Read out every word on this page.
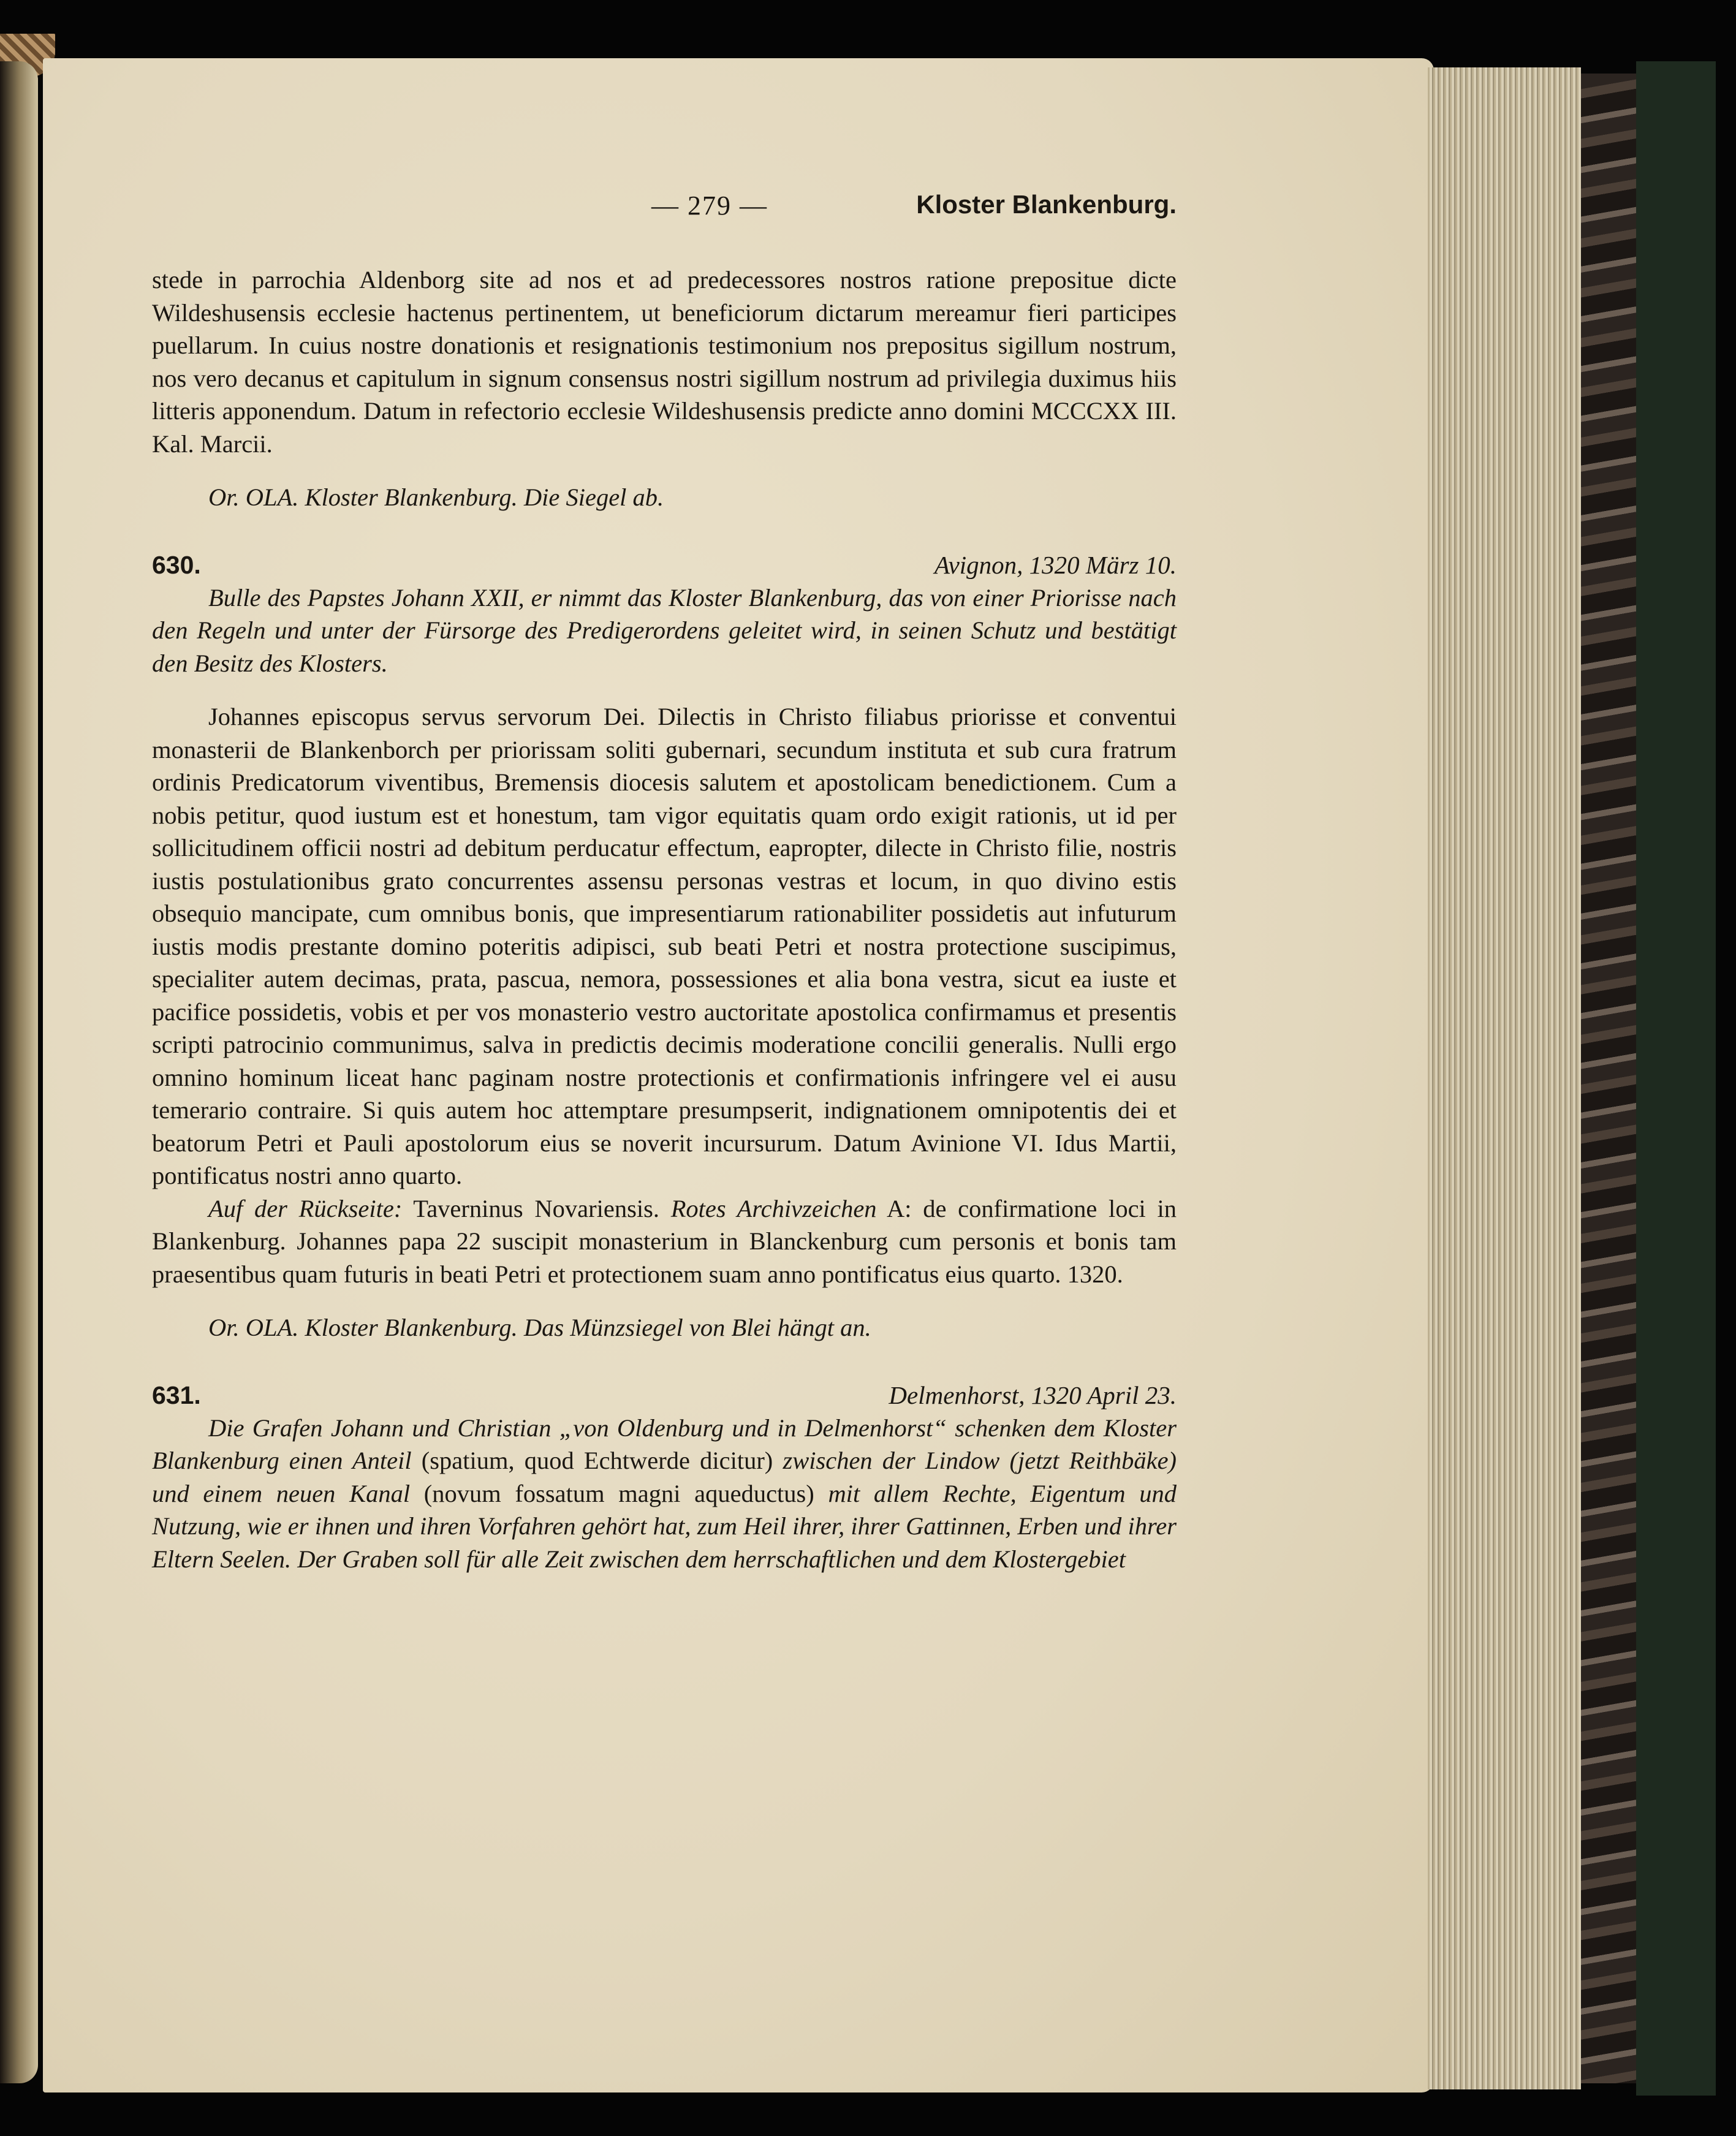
— 279 —	Kloster Blankenburg.

stede in parrochia Aldenborg site ad nos et ad predecessores nostros ratione prepositue dicte Wildeshusensis ecclesie hactenus pertinentem, ut beneficiorum dictarum mereamur fieri participes puellarum. In cuius nostre donationis et resignationis testimonium nos prepositus sigillum nostrum, nos vero decanus et capitulum in signum consensus nostri sigillum nostrum ad privilegia duximus hiis litteris apponendum. Datum in refectorio ecclesie Wildeshusensis predicte anno domini MCCCXX III. Kal. Marcii.

Or. OLA. Kloster Blankenburg. Die Siegel ab.
630.	Avignon, 1320 März 10.

Bulle des Papstes Johann XXII, er nimmt das Kloster Blankenburg, das von einer Priorisse nach den Regeln und unter der Fürsorge des Predigerordens geleitet wird, in seinen Schutz und bestätigt den Besitz des Klosters.

Johannes episcopus servus servorum Dei. Dilectis in Christo filiabus priorisse et conventui monasterii de Blankenborch per priorissam soliti gubernari, secundum instituta et sub cura fratrum ordinis Predicatorum viventibus, Bremensis diocesis salutem et apostolicam benedictionem. Cum a nobis petitur, quod iustum est et honestum, tam vigor equitatis quam ordo exigit rationis, ut id per sollicitudinem officii nostri ad debitum perducatur effectum, eapropter, dilecte in Christo filie, nostris iustis postulationibus grato concurrentes assensu personas vestras et locum, in quo divino estis obsequio mancipate, cum omnibus bonis, que impresentiarum rationabiliter possidetis aut infuturum iustis modis prestante domino poteritis adipisci, sub beati Petri et nostra protectione suscipimus, specialiter autem decimas, prata, pascua, nemora, possessiones et alia bona vestra, sicut ea iuste et pacifice possidetis, vobis et per vos monasterio vestro auctoritate apostolica confirmamus et presentis scripti patrocinio communimus, salva in predictis decimis moderatione concilii generalis. Nulli ergo omnino hominum liceat hanc paginam nostre protectionis et confirmationis infringere vel ei ausu temerario contraire. Si quis autem hoc attemptare presumpserit, indignationem omnipotentis dei et beatorum Petri et Pauli apostolorum eius se noverit incursurum. Datum Avinione VI. Idus Martii, pontificatus nostri anno quarto.

Auf der Rückseite: Taverninus Novariensis. Rotes Archivzeichen A: de confirmatione loci in Blankenburg. Johannes papa 22 suscipit monasterium in Blanckenburg cum personis et bonis tam praesentibus quam futuris in beati Petri et protectionem suam anno pontificatus eius quarto. 1320.

Or. OLA. Kloster Blankenburg. Das Münzsiegel von Blei hängt an.
631.	Delmenhorst, 1320 April 23.

Die Grafen Johann und Christian „von Oldenburg und in Delmenhorst“ schenken dem Kloster Blankenburg einen Anteil (spatium, quod Echtwerde dicitur) zwischen der Lindow (jetzt Reithbäke) und einem neuen Kanal (novum fossatum magni aqueductus) mit allem Rechte, Eigentum und Nutzung, wie er ihnen und ihren Vorfahren gehört hat, zum Heil ihrer, ihrer Gattinnen, Erben und ihrer Eltern Seelen. Der Graben soll für alle Zeit zwischen dem herrschaftlichen und dem Klostergebiet
